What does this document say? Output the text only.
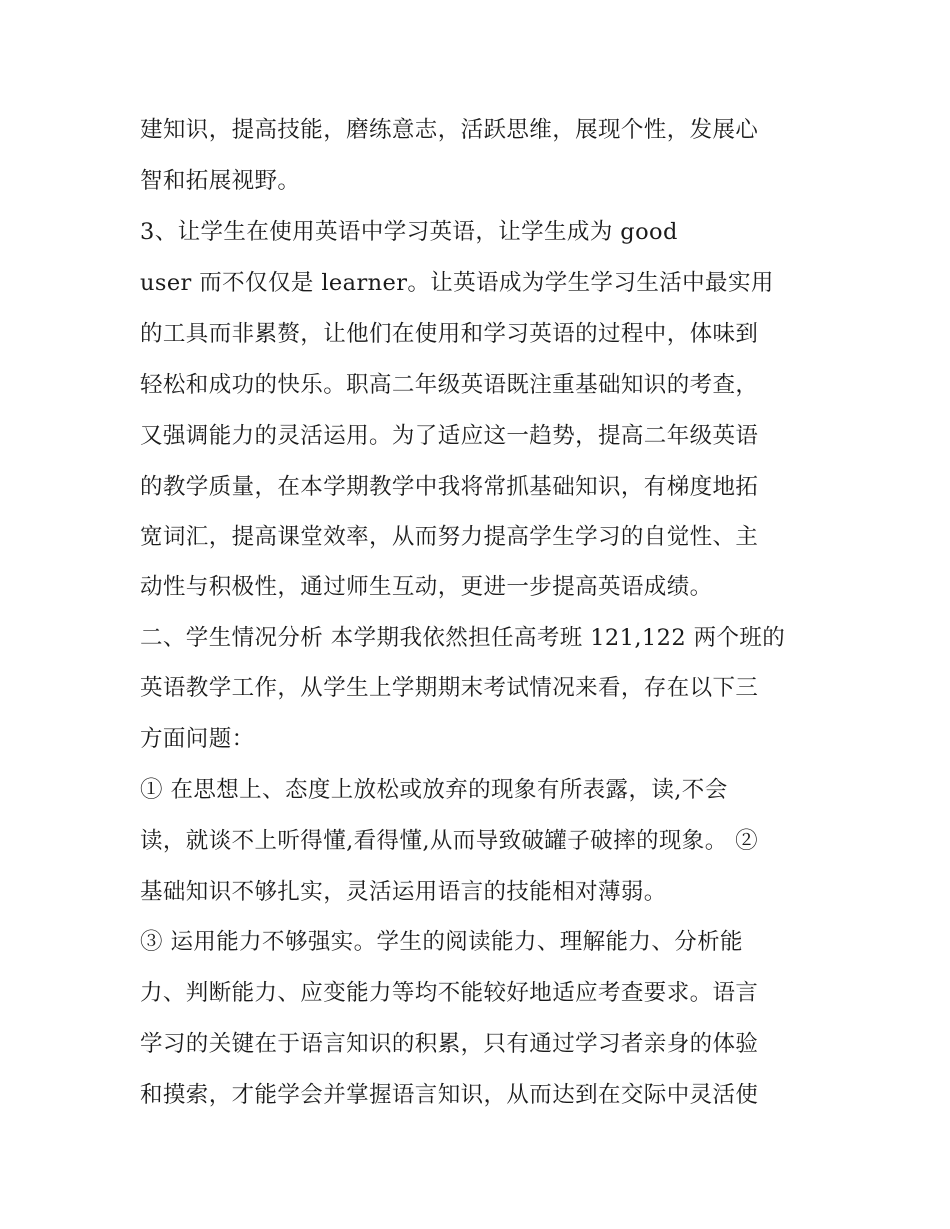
建知识，提高技能，磨练意志，活跃思维，展现个性，发展心
智和拓展视野。
3、让学生在使用英语中学习英语，让学生成为 good
user 而不仅仅是 learner。让英语成为学生学习生活中最实用
的工具而非累赘，让他们在使用和学习英语的过程中，体味到
轻松和成功的快乐。职高二年级英语既注重基础知识的考查，
又强调能力的灵活运用。为了适应这一趋势，提高二年级英语
的教学质量，在本学期教学中我将常抓基础知识，有梯度地拓
宽词汇，提高课堂效率，从而努力提高学生学习的自觉性、主
动性与积极性，通过师生互动，更进一步提高英语成绩。
二、学生情况分析 本学期我依然担任高考班 121,122 两个班的
英语教学工作，从学生上学期期末考试情况来看，存在以下三
方面问题：
① 在思想上、态度上放松或放弃的现象有所表露，读,不会
读，就谈不上听得懂,看得懂,从而导致破罐子破摔的现象。 ②
基础知识不够扎实，灵活运用语言的技能相对薄弱。
③ 运用能力不够强实。学生的阅读能力、理解能力、分析能
力、判断能力、应变能力等均不能较好地适应考查要求。语言
学习的关键在于语言知识的积累，只有通过学习者亲身的体验
和摸索，才能学会并掌握语言知识，从而达到在交际中灵活使
